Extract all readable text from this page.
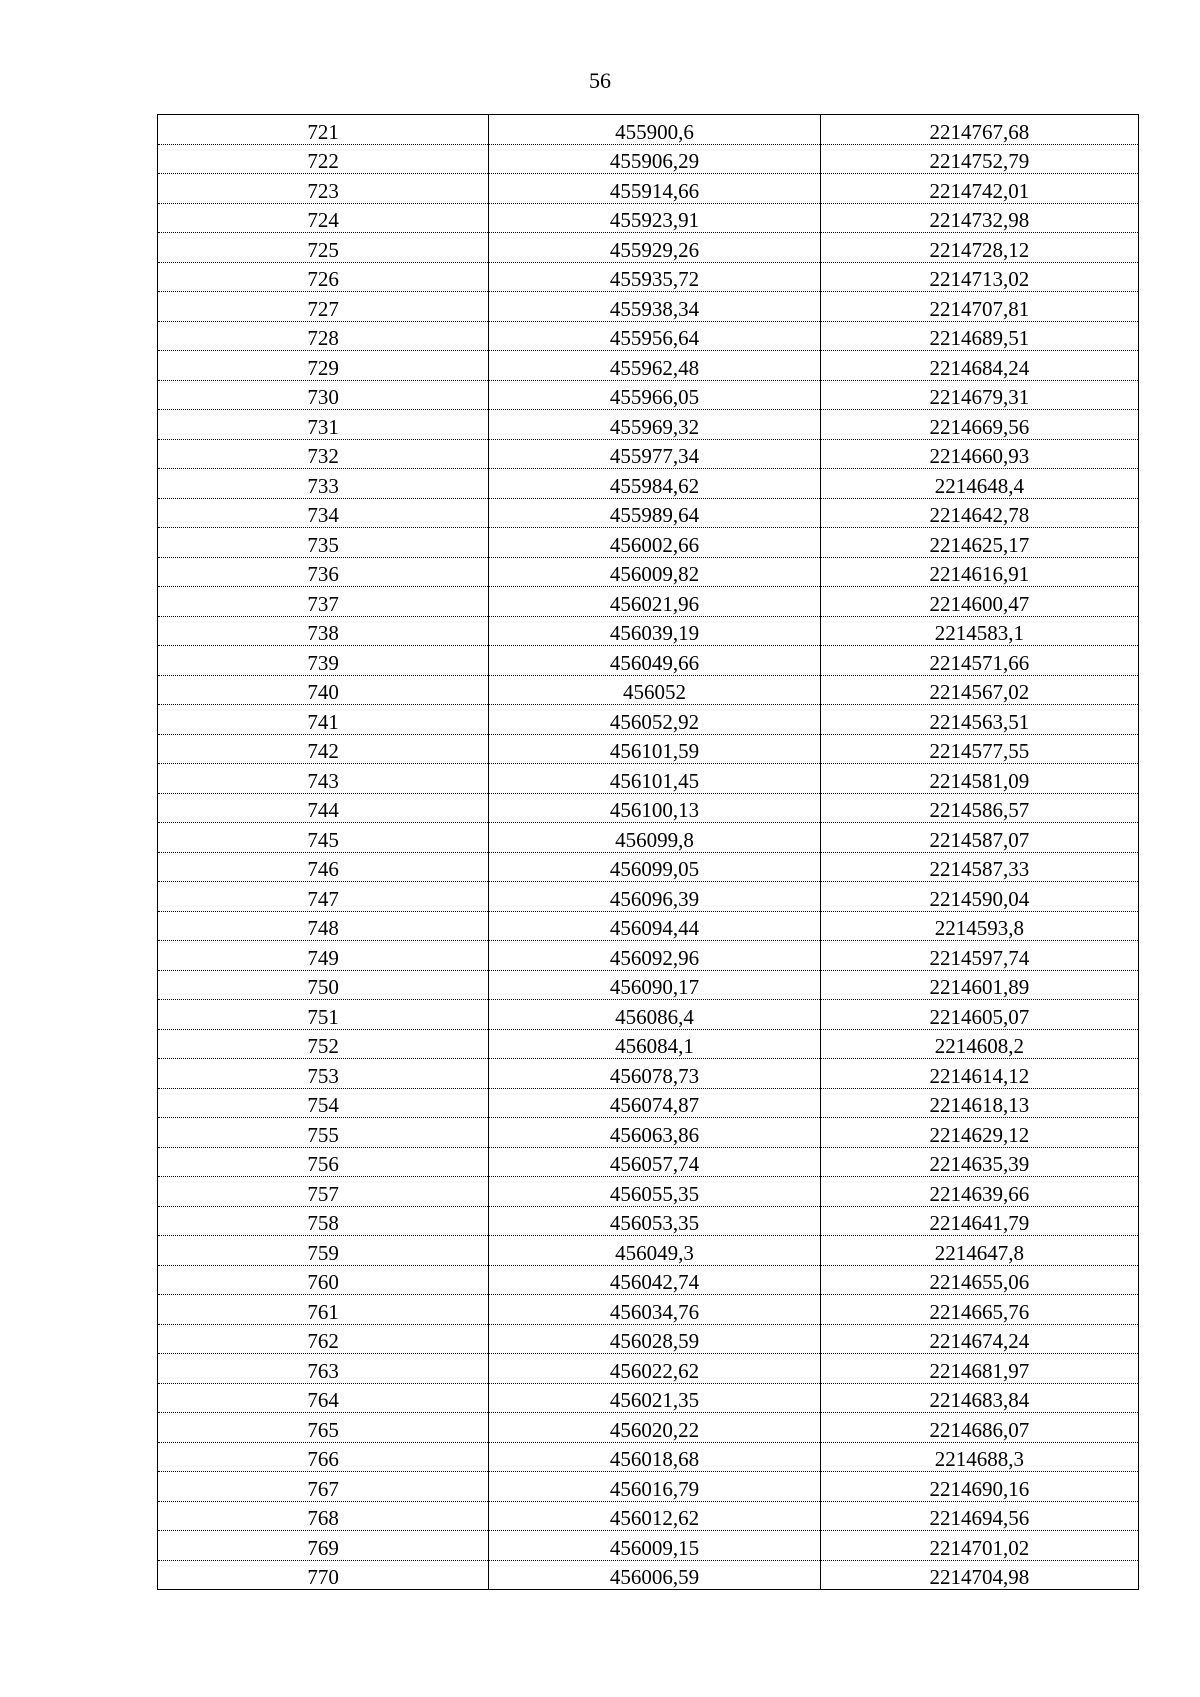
56
721	455900,6	2214767,68
722	455906,29	2214752,79
723	455914,66	2214742,01
724	455923,91	2214732,98
725	455929,26	2214728,12
726	455935,72	2214713,02
727	455938,34	2214707,81
728	455956,64	2214689,51
729	455962,48	2214684,24
730	455966,05	2214679,31
731	455969,32	2214669,56
732	455977,34	2214660,93
733	455984,62	2214648,4
734	455989,64	2214642,78
735	456002,66	2214625,17
736	456009,82	2214616,91
737	456021,96	2214600,47
738	456039,19	2214583,1
739	456049,66	2214571,66
740	456052	2214567,02
741	456052,92	2214563,51
742	456101,59	2214577,55
743	456101,45	2214581,09
744	456100,13	2214586,57
745	456099,8	2214587,07
746	456099,05	2214587,33
747	456096,39	2214590,04
748	456094,44	2214593,8
749	456092,96	2214597,74
750	456090,17	2214601,89
751	456086,4	2214605,07
752	456084,1	2214608,2
753	456078,73	2214614,12
754	456074,87	2214618,13
755	456063,86	2214629,12
756	456057,74	2214635,39
757	456055,35	2214639,66
758	456053,35	2214641,79
759	456049,3	2214647,8
760	456042,74	2214655,06
761	456034,76	2214665,76
762	456028,59	2214674,24
763	456022,62	2214681,97
764	456021,35	2214683,84
765	456020,22	2214686,07
766	456018,68	2214688,3
767	456016,79	2214690,16
768	456012,62	2214694,56
769	456009,15	2214701,02
770	456006,59	2214704,98
